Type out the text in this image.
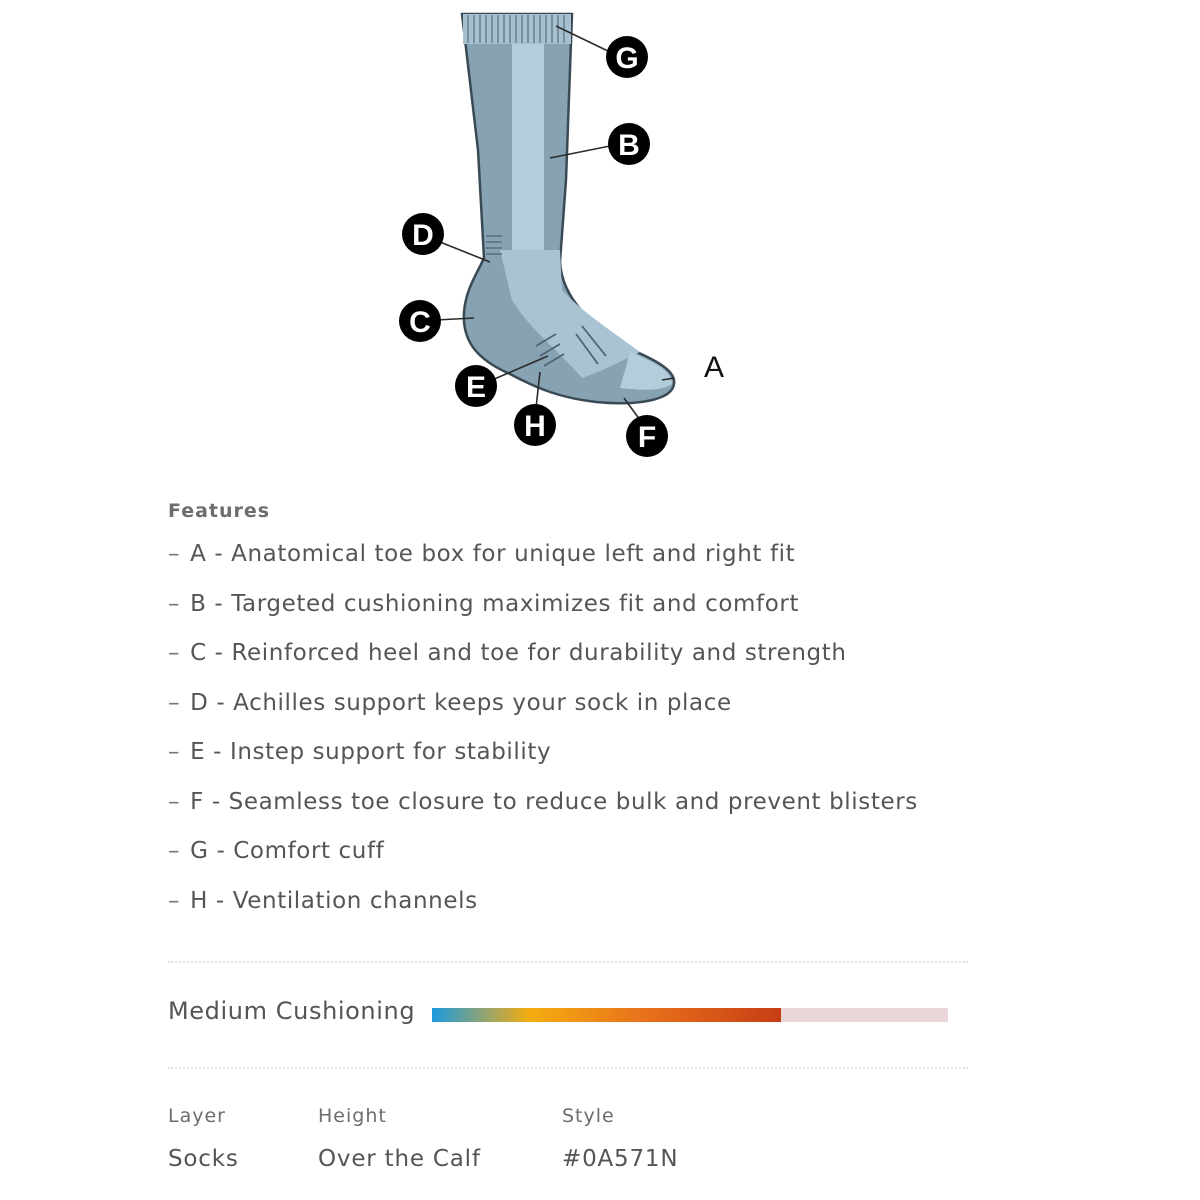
G
B
D
C
E
H	F
A
Features
– A - Anatomical toe box for unique left and right fit
– B - Targeted cushioning maximizes fit and comfort
– C - Reinforced heel and toe for durability and strength
– D - Achilles support keeps your sock in place
– E - Instep support for stability
– F - Seamless toe closure to reduce bulk and prevent blisters
– G - Comfort cuff
– H - Ventilation channels
Medium Cushioning
Layer
Socks
Height
Over the Calf
Style
#0A571N
